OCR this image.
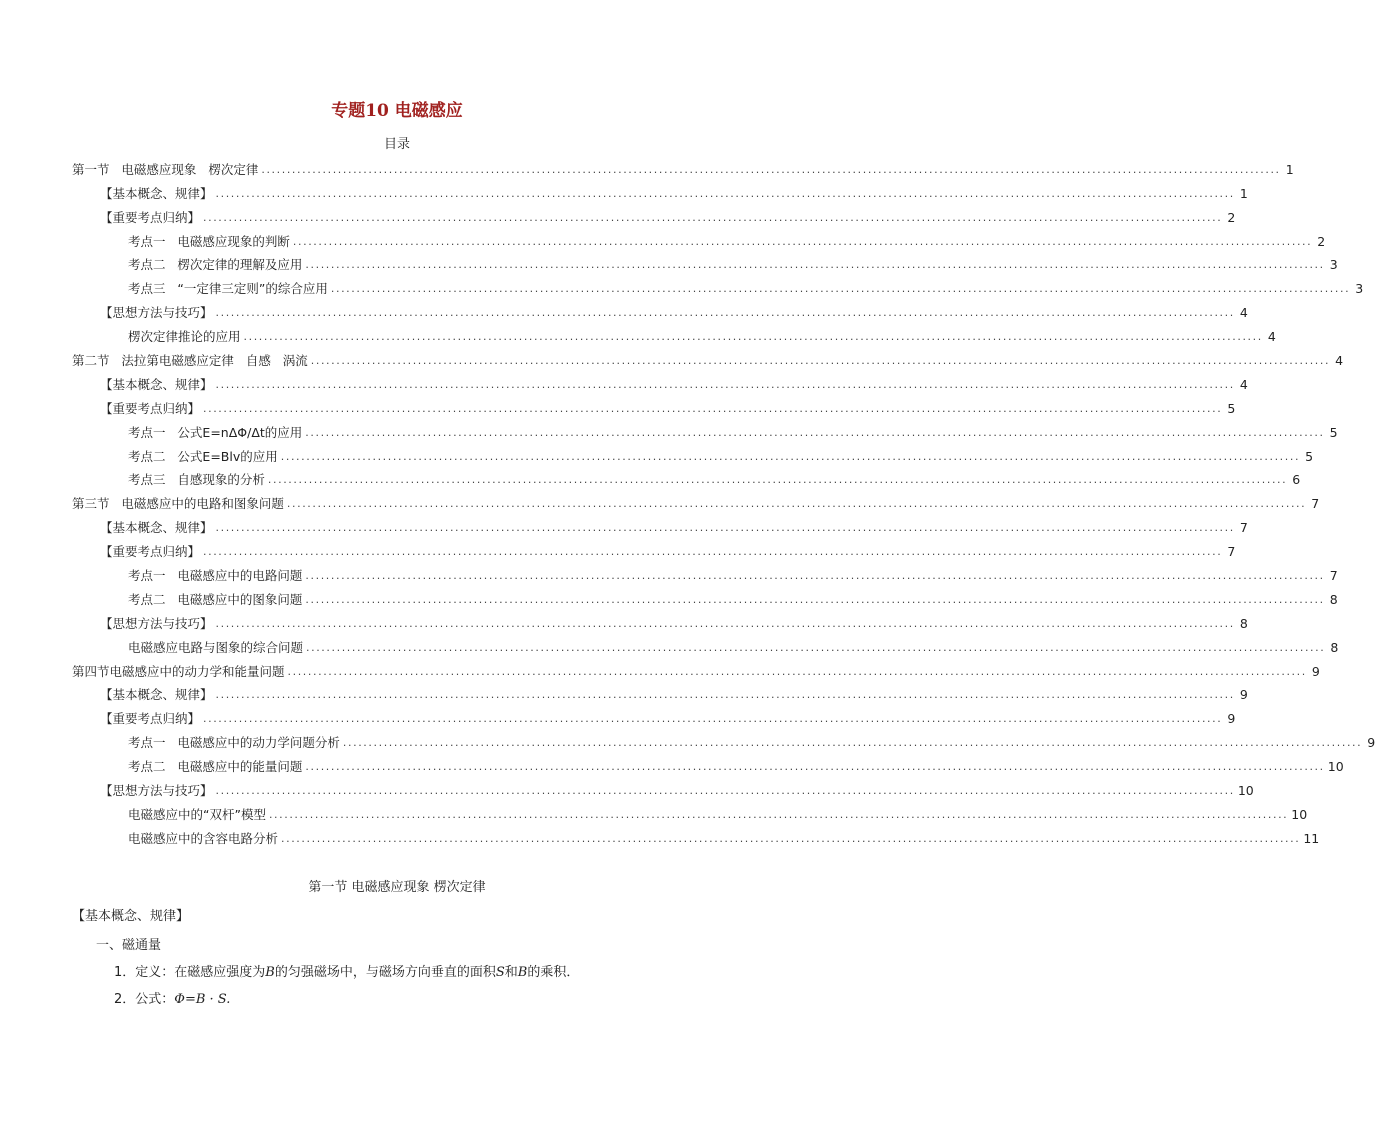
专题10 电磁感应
目录
第一节   电磁感应现象   楞次定律 ........................................................................................................................................................................................................ 1
【基本概念、规律】 ........................................................................................................................................................................................................ 1
【重要考点归纳】 ........................................................................................................................................................................................................ 2
考点一   电磁感应现象的判断 ........................................................................................................................................................................................................ 2
考点二   楞次定律的理解及应用 ........................................................................................................................................................................................................ 3
考点三   “一定律三定则”的综合应用 ........................................................................................................................................................................................................ 3
【思想方法与技巧】 ........................................................................................................................................................................................................ 4
楞次定律推论的应用 ........................................................................................................................................................................................................ 4
第二节   法拉第电磁感应定律   自感   涡流 ........................................................................................................................................................................................................ 4
【基本概念、规律】 ........................................................................................................................................................................................................ 4
【重要考点归纳】 ........................................................................................................................................................................................................ 5
考点一   公式E=nΔΦ/Δt的应用 ........................................................................................................................................................................................................ 5
考点二   公式E=Blv的应用 ........................................................................................................................................................................................................ 5
考点三   自感现象的分析 ........................................................................................................................................................................................................ 6
第三节   电磁感应中的电路和图象问题 ........................................................................................................................................................................................................ 7
【基本概念、规律】 ........................................................................................................................................................................................................ 7
【重要考点归纳】 ........................................................................................................................................................................................................ 7
考点一   电磁感应中的电路问题 ........................................................................................................................................................................................................ 7
考点二   电磁感应中的图象问题 ........................................................................................................................................................................................................ 8
【思想方法与技巧】 ........................................................................................................................................................................................................ 8
电磁感应电路与图象的综合问题 ........................................................................................................................................................................................................ 8
第四节电磁感应中的动力学和能量问题 ........................................................................................................................................................................................................ 9
【基本概念、规律】 ........................................................................................................................................................................................................ 9
【重要考点归纳】 ........................................................................................................................................................................................................ 9
考点一   电磁感应中的动力学问题分析 ........................................................................................................................................................................................................ 9
考点二   电磁感应中的能量问题 ........................................................................................................................................................................................................ 10
【思想方法与技巧】 ........................................................................................................................................................................................................ 10
电磁感应中的“双杆”模型 ........................................................................................................................................................................................................ 10
电磁感应中的含容电路分析 ........................................................................................................................................................................................................ 11
第一节 电磁感应现象 楞次定律
【基本概念、规律】
一、磁通量
1．定义：在磁感应强度为B的匀强磁场中，与磁场方向垂直的面积S和B的乘积．
2．公式：Φ=B · S.
